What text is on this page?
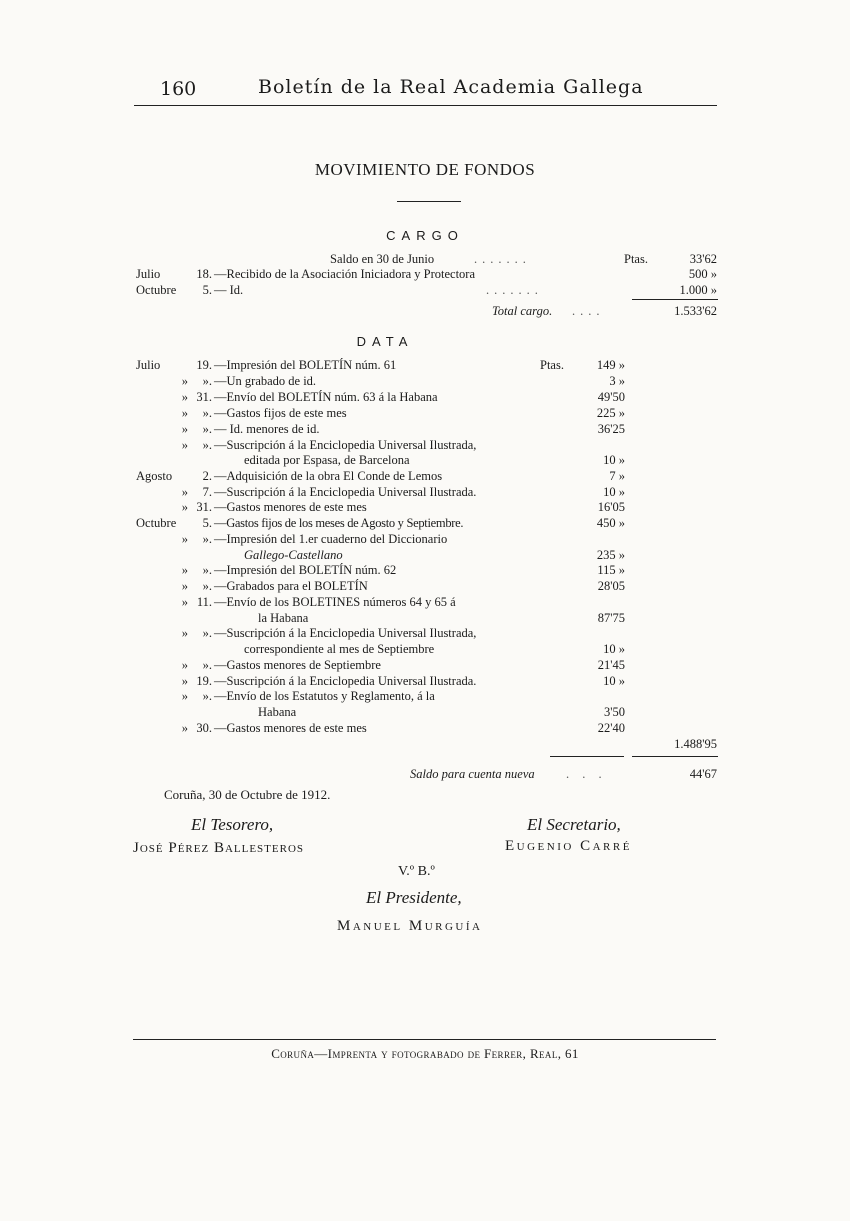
160	Boletín de la Real Academia Gallega
MOVIMIENTO DE FONDOS
CARGO
Saldo en 30 de Junio	.......	Ptas.	33'62
Julio	18. —Recibido de la Asociación Iniciadora y Protectora	500 »
Octubre	5. — Id.	.......	1.000 »
Total cargo. ....	1.533'62
DATA
Julio	19. —Impresión del BOLETÍN núm. 61	Ptas.	149 »
»	». —Un grabado de id.	3 »
» 31. —Envío del BOLETÍN núm. 63 á la Habana	49'50
»	». —Gastos fijos de este mes	225 »
»	». — Id. menores de id.	36'25
»	». —Suscripción á la Enciclopedia Universal Ilustrada,
editada por Espasa, de Barcelona	10 »
Agosto	2. —Adquisición de la obra El Conde de Lemos	7 »
»	7. —Suscripción á la Enciclopedia Universal Ilustrada.	10 »
» 31. —Gastos menores de este mes	16'05
Octubre	5. —Gastos fijos de los meses de Agosto y Septiembre.	450 »
»	». —Impresión del 1.er cuaderno del Diccionario
Gallego-Castellano	235 »
»	». —Impresión del BOLETÍN núm. 62	115 »
»	». —Grabados para el BOLETÍN	28'05
» 11. —Envío de los BOLETINES números 64 y 65 á
la Habana	87'75
»	». —Suscripción á la Enciclopedia Universal Ilustrada,
correspondiente al mes de Septiembre	10 »
»	». —Gastos menores de Septiembre	21'45
» 19. —Suscripción á la Enciclopedia Universal Ilustrada.	10 »
»	». —Envío de los Estatutos y Reglamento, á la
Habana	3'50
» 30. —Gastos menores de este mes	22'40
1.488'95
Saldo para cuenta nueva	. . .	44'67
Coruña, 30 de Octubre de 1912.
El Tesorero,
José Pérez Ballesteros
El Secretario,
Eugenio Carré
V.º B.º
El Presidente,
Manuel Murguía
Coruña—Imprenta y fotograbado de Ferrer, Real, 61
